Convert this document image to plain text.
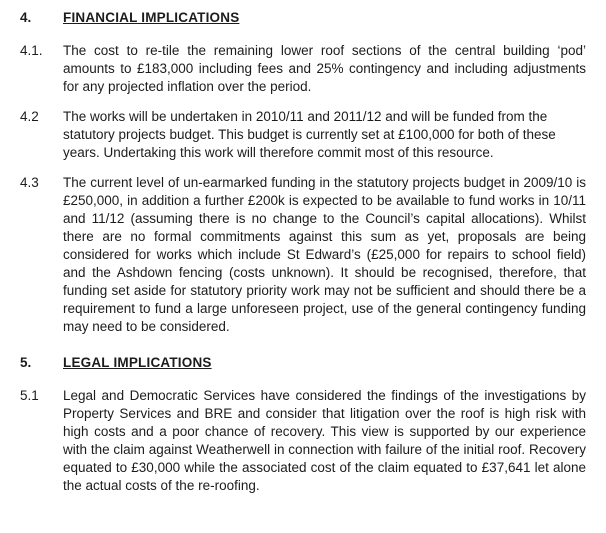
4.	FINANCIAL IMPLICATIONS
4.1.	The cost to re-tile the remaining lower roof sections of the central building ‘pod’ amounts to £183,000 including fees and 25% contingency and including adjustments for any projected inflation over the period.

4.2	The works will be undertaken in 2010/11 and 2011/12 and will be funded from the statutory projects budget. This budget is currently set at £100,000 for both of these years. Undertaking this work will therefore commit most of this resource.

4.3	The current level of un-earmarked funding in the statutory projects budget in 2009/10 is £250,000, in addition a further £200k is expected to be available to fund works in 10/11 and 11/12 (assuming there is no change to the Council’s capital allocations). Whilst there are no formal commitments against this sum as yet, proposals are being considered for works which include St Edward’s (£25,000 for repairs to school field) and the Ashdown fencing (costs unknown). It should be recognised, therefore, that funding set aside for statutory priority work may not be sufficient and should there be a requirement to fund a large unforeseen project, use of the general contingency funding may need to be considered.

5.	LEGAL IMPLICATIONS
5.1	Legal and Democratic Services have considered the findings of the investigations by Property Services and BRE and consider that litigation over the roof is high risk with high costs and a poor chance of recovery. This view is supported by our experience with the claim against Weatherwell in connection with failure of the initial roof. Recovery equated to £30,000 while the associated cost of the claim equated to £37,641 let alone the actual costs of the re-roofing.
